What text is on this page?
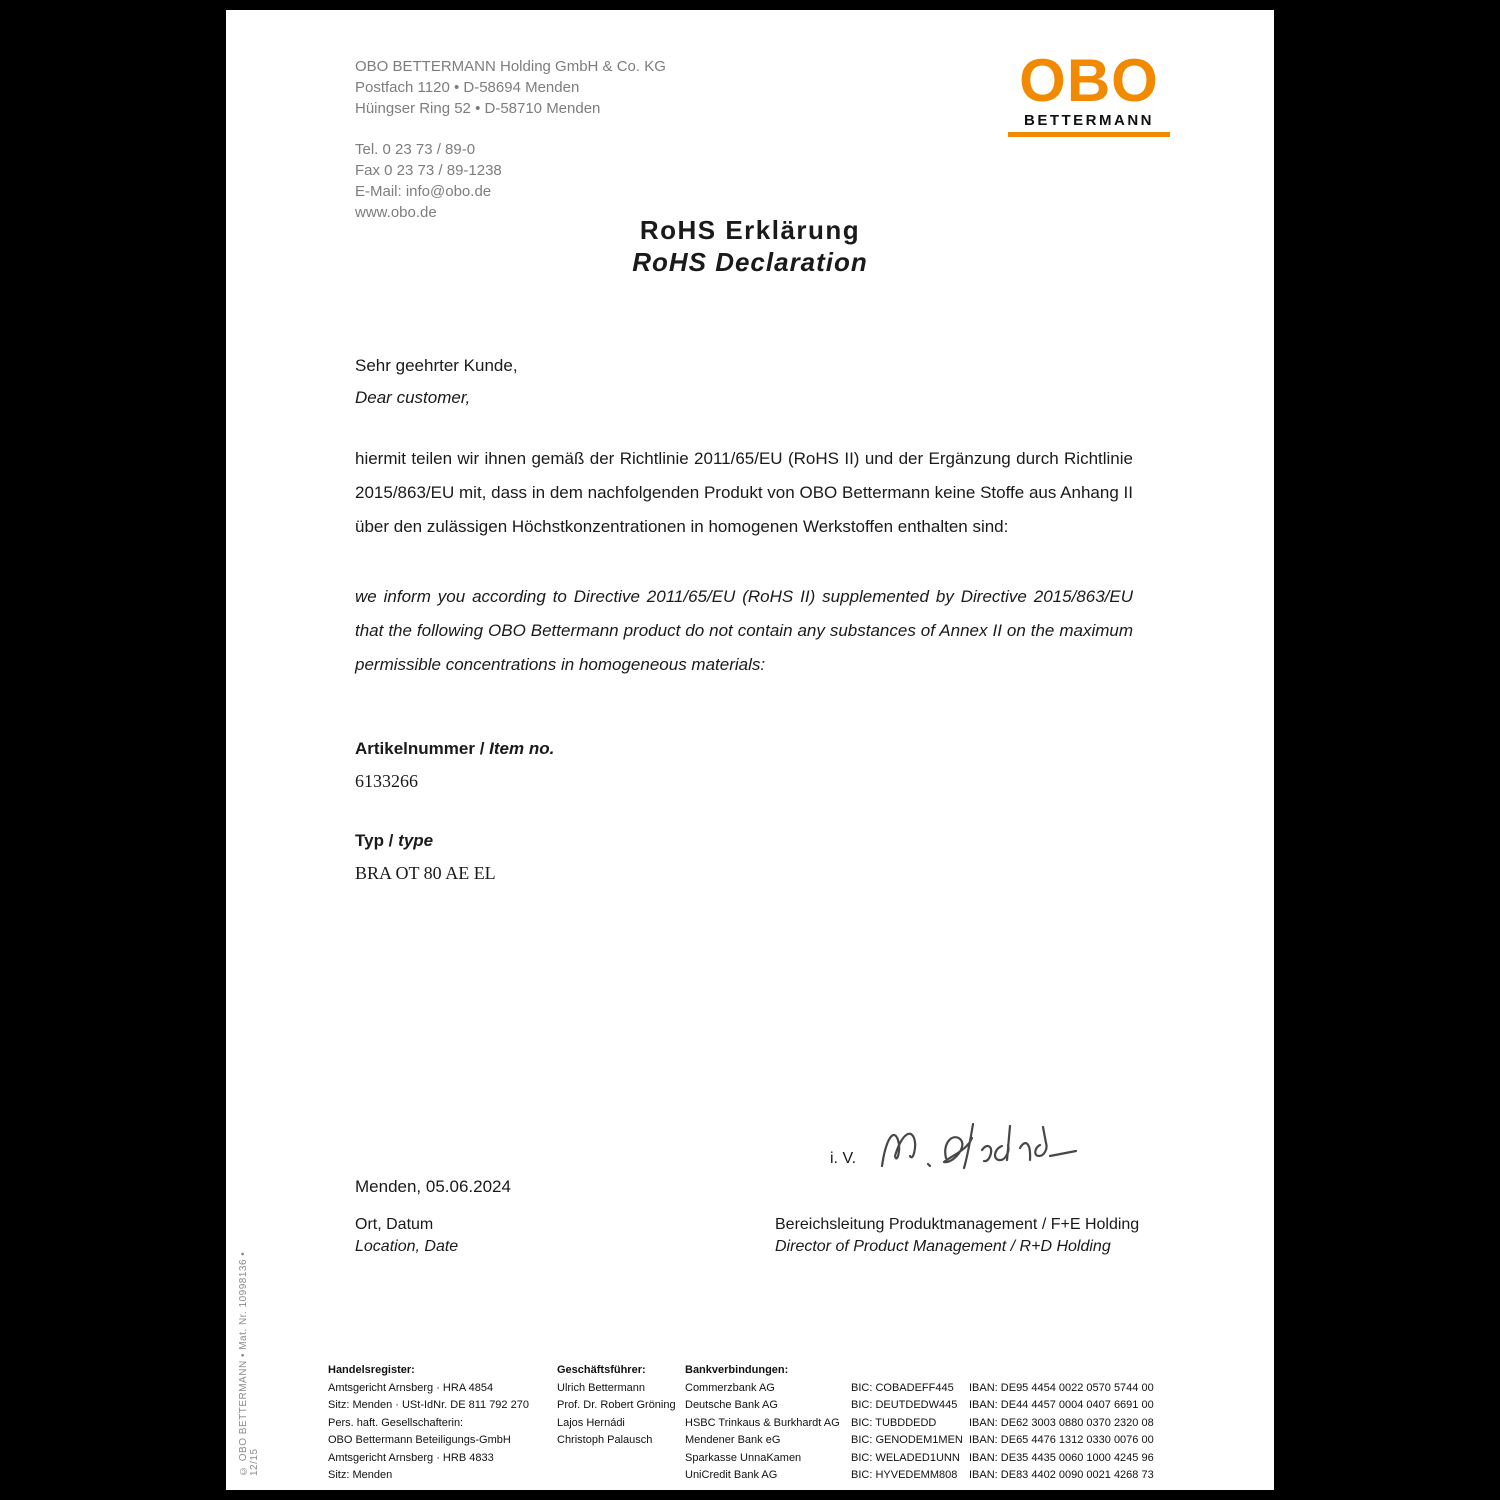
OBO BETTERMANN Holding GmbH & Co. KG
Postfach 1120 • D-58694 Menden
Hüingser Ring 52 • D-58710 Menden
Tel. 0 23 73 / 89-0
Fax 0 23 73 / 89-1238
E-Mail: info@obo.de
www.obo.de
OBO
BETTERMANN
RoHS Erklärung
RoHS Declaration
Sehr geehrter Kunde,
Dear customer,
hiermit teilen wir ihnen gemäß der Richtlinie 2011/65/EU (RoHS II) und der Ergänzung durch Richtlinie 2015/863/EU mit, dass in dem nachfolgenden Produkt von OBO Bettermann keine Stoffe aus Anhang II über den zulässigen Höchstkonzentrationen in homogenen Werkstoffen enthalten sind:
we inform you according to Directive 2011/65/EU (RoHS II) supplemented by Directive 2015/863/EU that the following OBO Bettermann product do not contain any substances of Annex II on the maximum permissible concentrations in homogeneous materials:
Artikelnummer / Item no.
6133266
Typ / type
BRA OT 80 AE EL
i. V.
Menden, 05.06.2024
Ort, Datum
Location, Date
Bereichsleitung Produktmanagement / F+E Holding
Director of Product Management / R+D Holding
Handelsregister:
Amtsgericht Arnsberg · HRA 4854
Sitz: Menden · USt-IdNr. DE 811 792 270
Pers. haft. Gesellschafterin:
OBO Bettermann Beteiligungs-GmbH
Amtsgericht Arnsberg · HRB 4833
Sitz: Menden
Geschäftsführer:
Ulrich Bettermann
Prof. Dr. Robert Gröning
Lajos Hernádi
Christoph Palausch
Bankverbindungen:
Commerzbank AG	BIC: COBADEFF445	IBAN: DE95 4454 0022 0570 5744 00
Deutsche Bank AG	BIC: DEUTDEDW445	IBAN: DE44 4457 0004 0407 6691 00
HSBC Trinkaus & Burkhardt AG	BIC: TUBDDEDD	IBAN: DE62 3003 0880 0370 2320 08
Mendener Bank eG	BIC: GENODEM1MEN IBAN: DE65 4476 1312 0330 0076 00
Sparkasse UnnaKamen	BIC: WELADED1UNN IBAN: DE35 4435 0060 1000 4245 96
UniCredit Bank AG	BIC: HYVEDEMM808	IBAN: DE83 4402 0090 0021 4268 73
© OBO BETTERMANN • Mat. Nr. 10998136 • 12/15
